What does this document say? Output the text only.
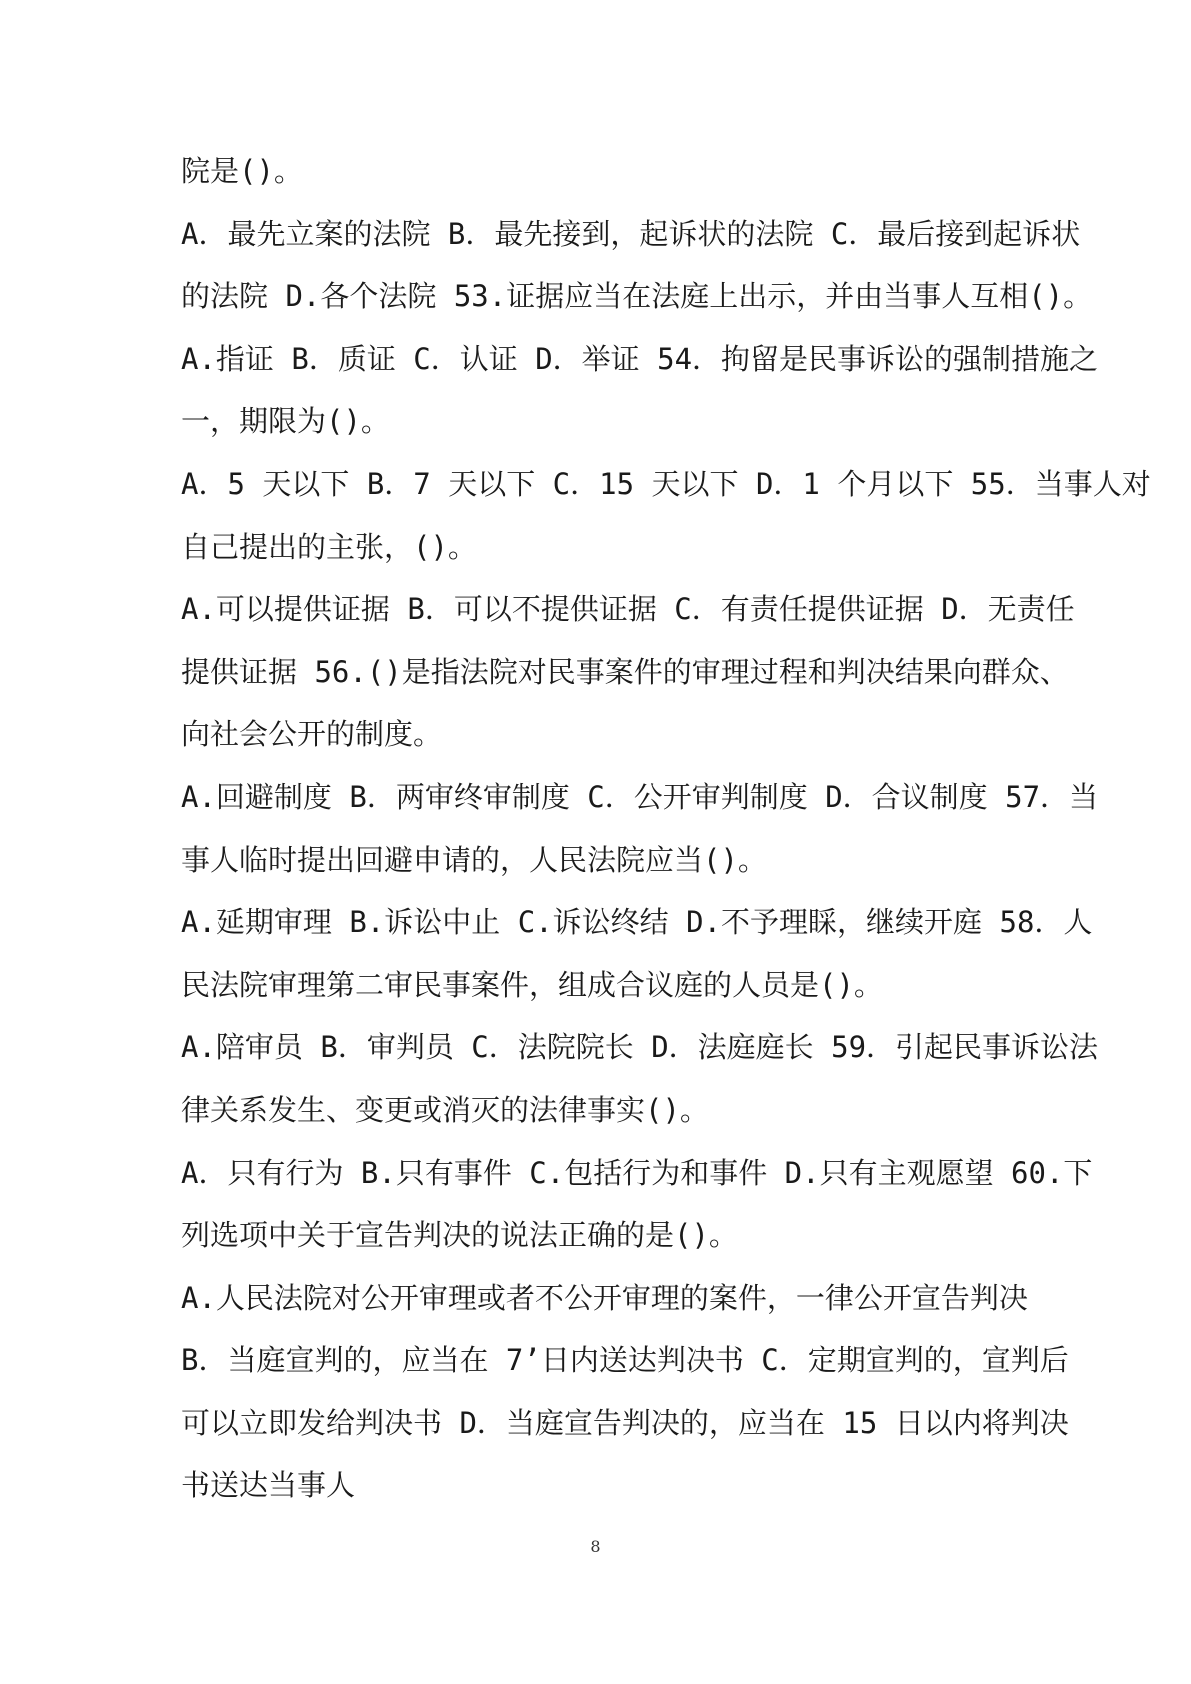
院是()。
A．最先立案的法院 B．最先接到，起诉状的法院 C．最后接到起诉状
的法院 D.各个法院 53.证据应当在法庭上出示，并由当事人互相()。
A.指证 B．质证 C．认证 D．举证 54．拘留是民事诉讼的强制措施之
一，期限为()。
A．5 天以下 B．7 天以下 C．15 天以下 D．1 个月以下 55．当事人对
自己提出的主张，()。
A.可以提供证据 B．可以不提供证据 C．有责任提供证据 D．无责任
提供证据 56.()是指法院对民事案件的审理过程和判决结果向群众、
向社会公开的制度。
A.回避制度 B．两审终审制度 C．公开审判制度 D．合议制度 57．当
事人临时提出回避申请的，人民法院应当()。
A.延期审理 B.诉讼中止 C.诉讼终结 D.不予理睬，继续开庭 58．人
民法院审理第二审民事案件，组成合议庭的人员是()。
A.陪审员 B．审判员 C．法院院长 D．法庭庭长 59．引起民事诉讼法
律关系发生、变更或消灭的法律事实()。
A．只有行为 B.只有事件 C.包括行为和事件 D.只有主观愿望 60.下
列选项中关于宣告判决的说法正确的是()。
A.人民法院对公开审理或者不公开审理的案件，一律公开宣告判决
B．当庭宣判的，应当在 7’日内送达判决书 C．定期宣判的，宣判后
可以立即发给判决书 D．当庭宣告判决的，应当在 15 日以内将判决
书送达当事人
8
